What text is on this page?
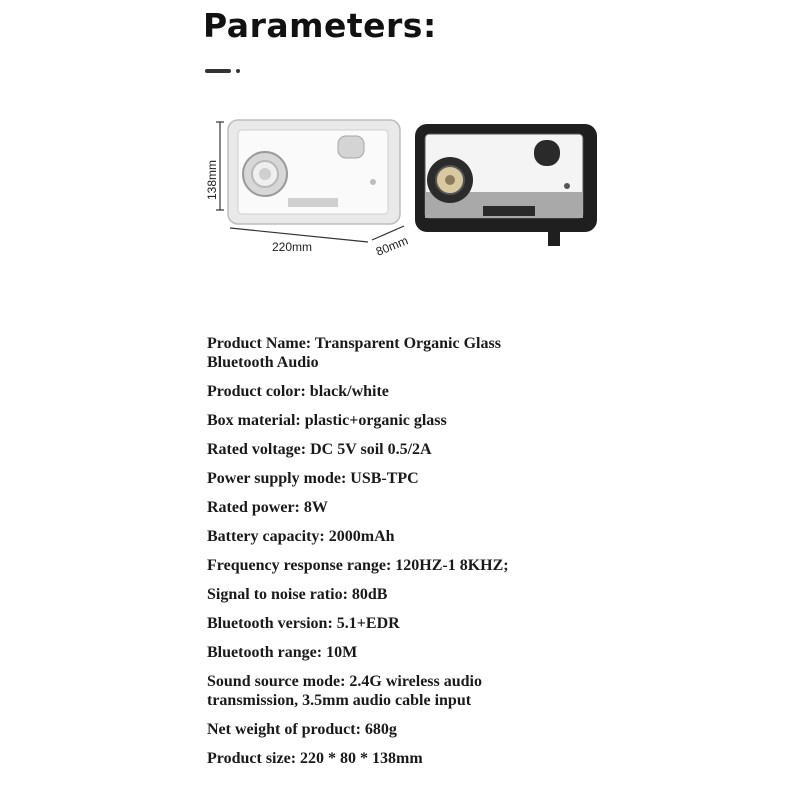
Parameters:
138mm
220mm	80mm
Product Name: Transparent Organic Glass
Bluetooth Audio
Product color: black/white
Box material: plastic+organic glass
Rated voltage: DC 5V soil 0.5/2A
Power supply mode: USB-TPC
Rated power: 8W
Battery capacity: 2000mAh
Frequency response range: 120HZ-1 8KHZ;
Signal to noise ratio: 80dB
Bluetooth version: 5.1+EDR
Bluetooth range: 10M
Sound source mode: 2.4G wireless audio
transmission, 3.5mm audio cable input
Net weight of product: 680g
Product size: 220 * 80 * 138mm
